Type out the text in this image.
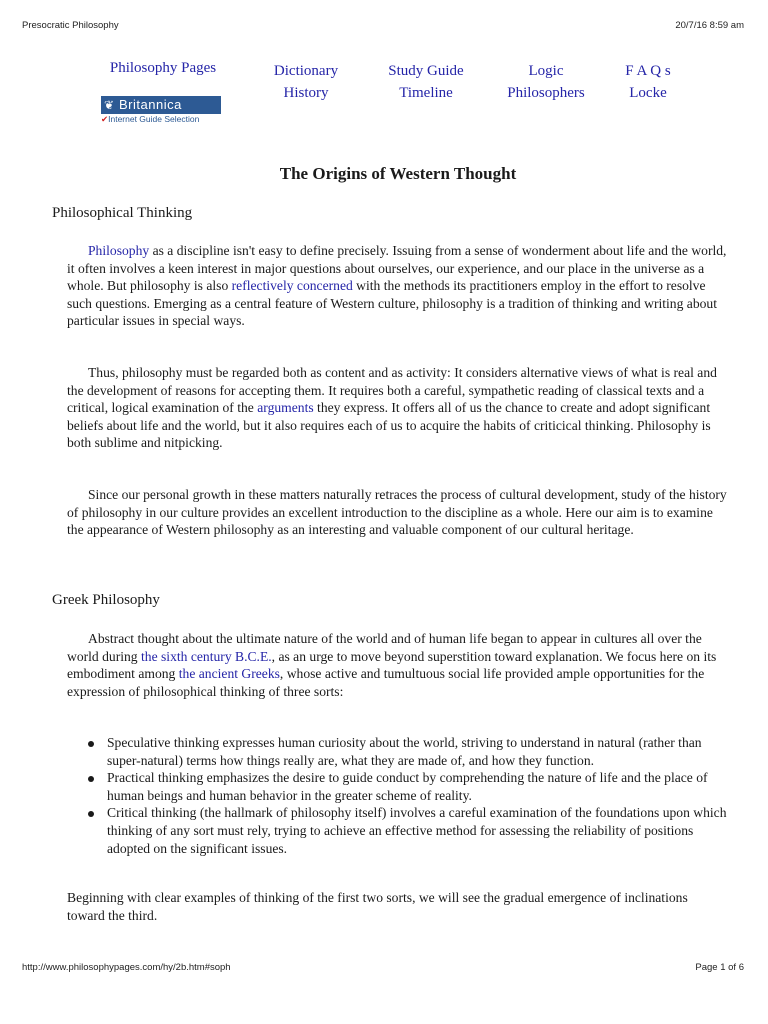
Presocratic Philosophy	20/7/16 8:59 am
Philosophy Pages	Dictionary
History
Study Guide
Timeline
Logic
Philosophers
F A Q s
Locke
❦ Britannica
✔Internet Guide Selection
The Origins of Western Thought
Philosophical Thinking

Philosophy as a discipline isn't easy to define precisely. Issuing from a sense of wonderment about life and the world, it often involves a keen interest in major questions about ourselves, our experience, and our place in the universe as a whole. But philosophy is also reflectively concerned with the methods its practitioners employ in the effort to resolve such questions. Emerging as a central feature of Western culture, philosophy is a tradition of thinking and writing about particular issues in special ways.

Thus, philosophy must be regarded both as content and as activity: It considers alternative views of what is real and the development of reasons for accepting them. It requires both a careful, sympathetic reading of classical texts and a critical, logical examination of the arguments they express. It offers all of us the chance to create and adopt significant beliefs about life and the world, but it also requires each of us to acquire the habits of criticical thinking. Philosophy is both sublime and nitpicking.

Since our personal growth in these matters naturally retraces the process of cultural development, study of the history of philosophy in our culture provides an excellent introduction to the discipline as a whole. Here our aim is to examine the appearance of Western philosophy as an interesting and valuable component of our cultural heritage.

Greek Philosophy

Abstract thought about the ultimate nature of the world and of human life began to appear in cultures all over the world during the sixth century B.C.E., as an urge to move beyond superstition toward explanation. We focus here on its embodiment among the ancient Greeks, whose active and tumultuous social life provided ample opportunities for the expression of philosophical thinking of three sorts:

Speculative thinking expresses human curiosity about the world, striving to understand in natural (rather than super-natural) terms how things really are, what they are made of, and how they function.
Practical thinking emphasizes the desire to guide conduct by comprehending the nature of life and the place of human beings and human behavior in the greater scheme of reality.
Critical thinking (the hallmark of philosophy itself) involves a careful examination of the foundations upon which thinking of any sort must rely, trying to achieve an effective method for assessing the reliability of positions adopted on the significant issues.

Beginning with clear examples of thinking of the first two sorts, we will see the gradual emergence of inclinations toward the third.

http://www.philosophypages.com/hy/2b.htm#soph	Page 1 of 6
